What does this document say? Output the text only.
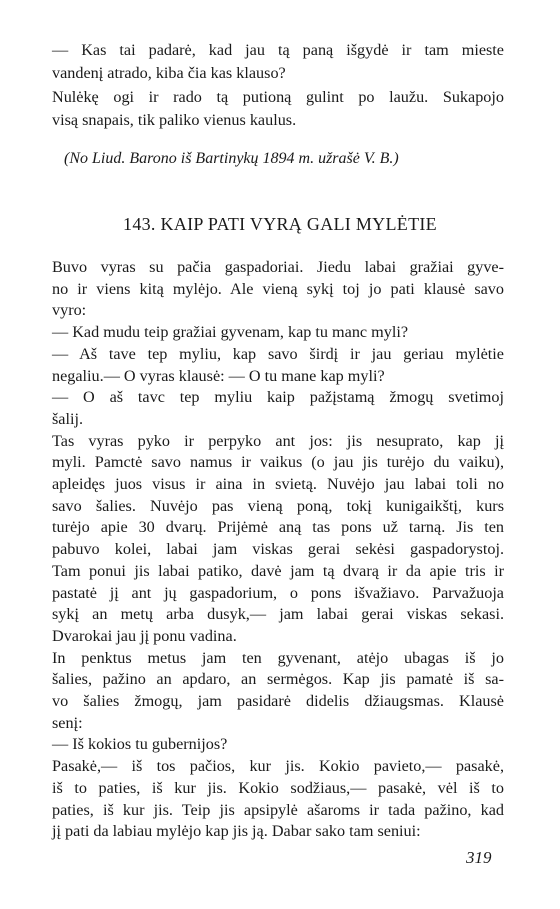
— Kas tai padarė, kad jau tą paną išgydė ir tam mieste
vandenį atrado, kiba čia kas klauso?
Nulėkę ogi ir rado tą putioną gulint po laužu. Sukapojo
visą snapais, tik paliko vienus kaulus.
(No Liud. Barono iš Bartinykų 1894 m. užrašė V. B.)
143. KAIP PATI VYRĄ GALI MYLĖTIE
Buvo vyras su pačia gaspadoriai. Jiedu labai gražiai gyve-
no ir viens kitą mylėjo. Ale vieną sykį toj jo pati klausė savo
vyro:
— Kad mudu teip gražiai gyvenam, kap tu manc myli?
— Aš tave tep myliu, kap savo širdį ir jau geriau mylėtie
negaliu.— O vyras klausė: — O tu mane kap myli?
— O aš tavc tep myliu kaip pažįstamą žmogų svetimoj
šalij.
Tas vyras pyko ir perpyko ant jos: jis nesuprato, kap jį
myli. Pamctė savo namus ir vaikus (o jau jis turėjo du vaiku),
apleidęs juos visus ir aina in svietą. Nuvėjo jau labai toli no
savo šalies. Nuvėjo pas vieną poną, tokį kunigaikštį, kurs
turėjo apie 30 dvarų. Prijėmė aną tas pons už tarną. Jis ten
pabuvo kolei, labai jam viskas gerai sekėsi gaspadorystoj.
Tam ponui jis labai patiko, davė jam tą dvarą ir da apie tris ir
pastatė jį ant jų gaspadorium, o pons išvažiavo. Parvažuoja
sykį an metų arba dusyk,— jam labai gerai viskas sekasi.
Dvarokai jau jį ponu vadina.
In penktus metus jam ten gyvenant, atėjo ubagas iš jo
šalies, pažino an apdaro, an sermėgos. Kap jis pamatė iš sa-
vo šalies žmogų, jam pasidarė didelis džiaugsmas. Klausė
senį:
— Iš kokios tu gubernijos?
Pasakė,— iš tos pačios, kur jis. Kokio pavieto,— pasakė,
iš to paties, iš kur jis. Kokio sodžiaus,— pasakė, vėl iš to
paties, iš kur jis. Teip jis apsipylė ašaroms ir tada pažino, kad
jį pati da labiau mylėjo kap jis ją. Dabar sako tam seniui:
319
